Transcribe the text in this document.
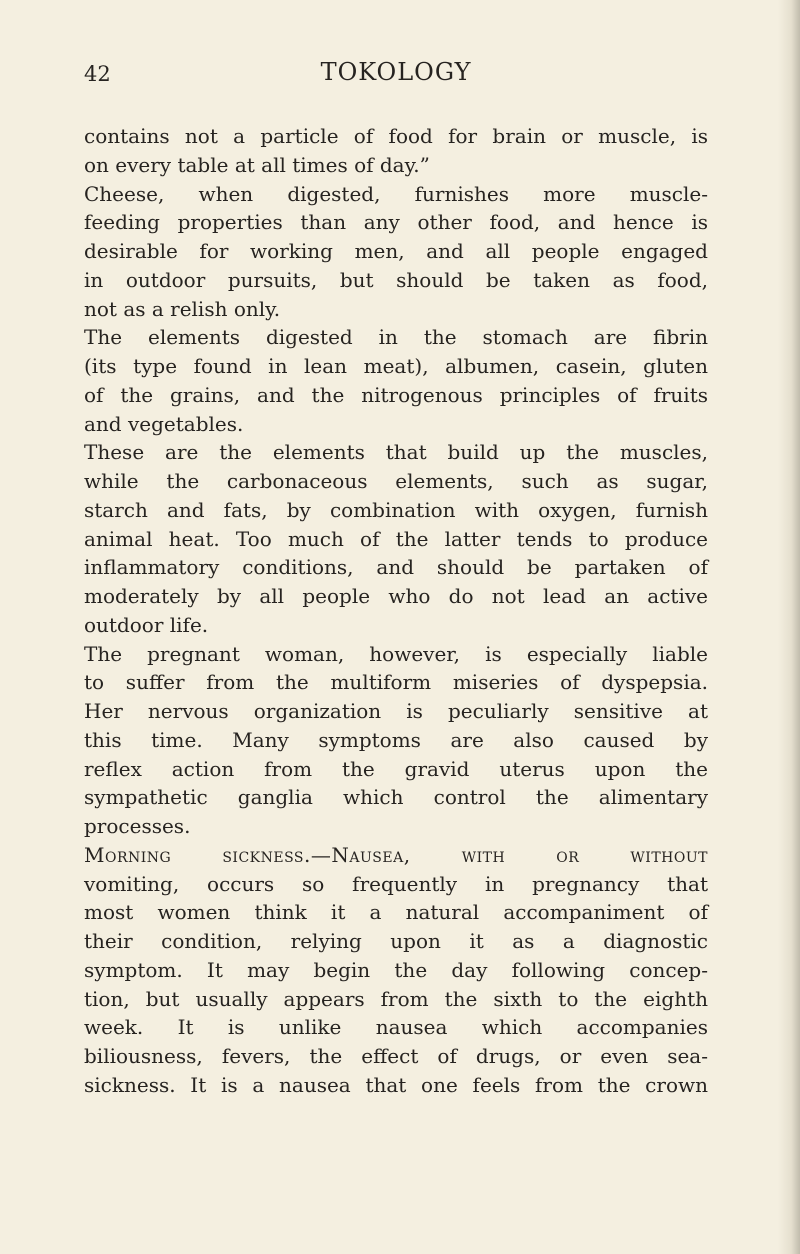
42	TOKOLOGY
contains not a particle of food for brain or muscle, is
on every table at all times of day.”
Cheese, when digested, furnishes more muscle-
feeding properties than any other food, and hence is
desirable for working men, and all people engaged
in outdoor pursuits, but should be taken as food,
not as a relish only.
The elements digested in the stomach are fibrin
(its type found in lean meat), albumen, casein, gluten
of the grains, and the nitrogenous principles of fruits
and vegetables.
These are the elements that build up the muscles,
while the carbonaceous elements, such as sugar,
starch and fats, by combination with oxygen, furnish
animal heat. Too much of the latter tends to produce
inflammatory conditions, and should be partaken of
moderately by all people who do not lead an active
outdoor life.
The pregnant woman, however, is especially liable
to suffer from the multiform miseries of dyspepsia.
Her nervous organization is peculiarly sensitive at
this time. Many symptoms are also caused by
reflex action from the gravid uterus upon the
sympathetic ganglia which control the alimentary
processes.
Morning sickness.—Nausea, with or without
vomiting, occurs so frequently in pregnancy that
most women think it a natural accompaniment of
their condition, relying upon it as a diagnostic
symptom. It may begin the day following concep-
tion, but usually appears from the sixth to the eighth
week. It is unlike nausea which accompanies
biliousness, fevers, the effect of drugs, or even sea-
sickness. It is a nausea that one feels from the crown
